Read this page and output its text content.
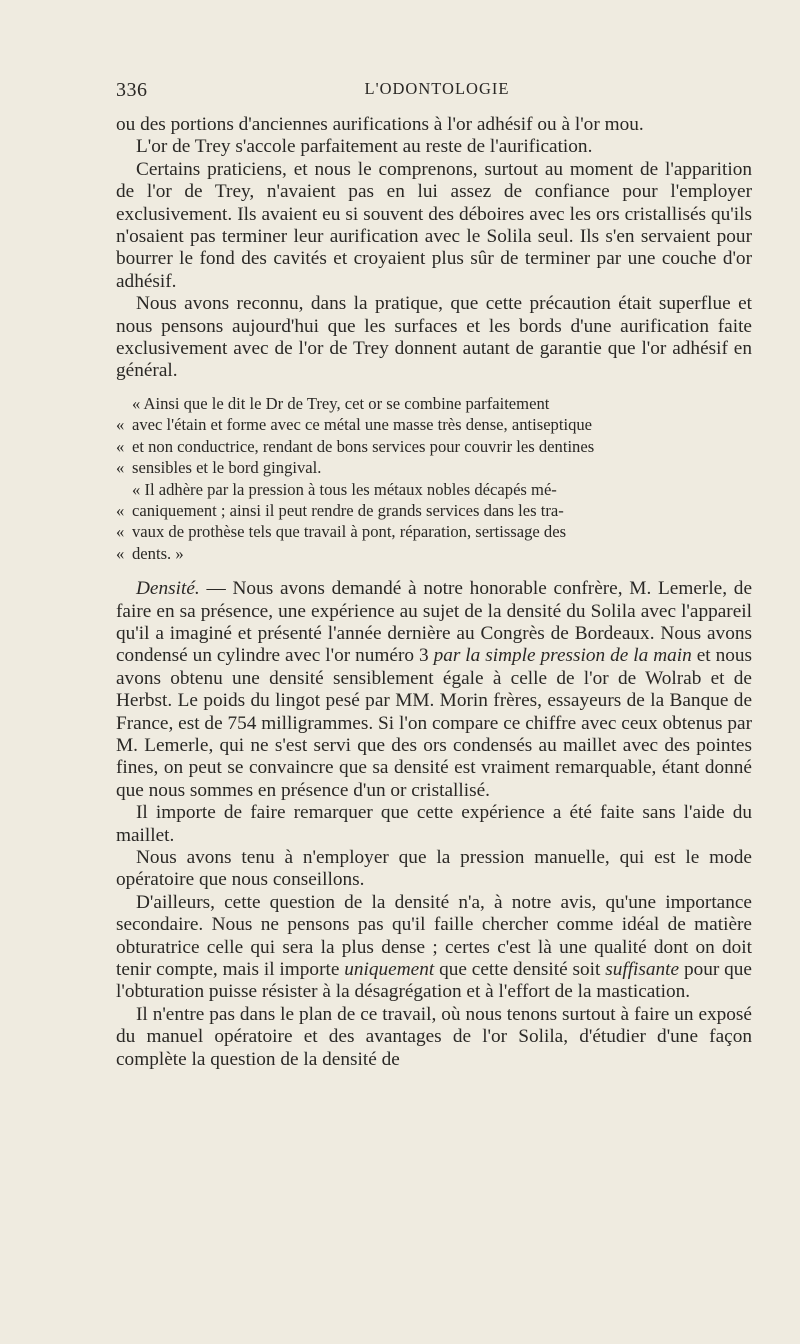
336	L'ODONTOLOGIE

ou des portions d'anciennes aurifications à l'or adhésif ou à l'or mou.

L'or de Trey s'accole parfaitement au reste de l'aurification.

Certains praticiens, et nous le comprenons, surtout au moment de l'apparition de l'or de Trey, n'avaient pas en lui assez de confiance pour l'employer exclusivement. Ils avaient eu si souvent des déboires avec les ors cristallisés qu'ils n'osaient pas terminer leur aurification avec le Solila seul. Ils s'en servaient pour bourrer le fond des cavités et croyaient plus sûr de terminer par une couche d'or adhésif.

Nous avons reconnu, dans la pratique, que cette précaution était superflue et nous pensons aujourd'hui que les surfaces et les bords d'une aurification faite exclusivement avec de l'or de Trey donnent autant de garantie que l'or adhésif en général.

« Ainsi que le dit le Dr de Trey, cet or se combine parfaitement

« avec l'étain et forme avec ce métal une masse très dense, antiseptique

« et non conductrice, rendant de bons services pour couvrir les dentines

« sensibles et le bord gingival.

« Il adhère par la pression à tous les métaux nobles décapés mé-

« caniquement ; ainsi il peut rendre de grands services dans les tra-

« vaux de prothèse tels que travail à pont, réparation, sertissage des

« dents. »

Densité. — Nous avons demandé à notre honorable confrère, M. Lemerle, de faire en sa présence, une expérience au sujet de la densité du Solila avec l'appareil qu'il a imaginé et présenté l'année dernière au Congrès de Bordeaux. Nous avons condensé un cylindre avec l'or numéro 3 par la simple pression de la main et nous avons obtenu une densité sensiblement égale à celle de l'or de Wolrab et de Herbst. Le poids du lingot pesé par MM. Morin frères, essayeurs de la Banque de France, est de 754 milligrammes. Si l'on compare ce chiffre avec ceux obtenus par M. Lemerle, qui ne s'est servi que des ors condensés au maillet avec des pointes fines, on peut se convaincre que sa densité est vraiment remarquable, étant donné que nous sommes en présence d'un or cristallisé.

Il importe de faire remarquer que cette expérience a été faite sans l'aide du maillet.

Nous avons tenu à n'employer que la pression manuelle, qui est le mode opératoire que nous conseillons.

D'ailleurs, cette question de la densité n'a, à notre avis, qu'une importance secondaire. Nous ne pensons pas qu'il faille chercher comme idéal de matière obturatrice celle qui sera la plus dense ; certes c'est là une qualité dont on doit tenir compte, mais il importe uniquement que cette densité soit suffisante pour que l'obturation puisse résister à la désagrégation et à l'effort de la mastication.

Il n'entre pas dans le plan de ce travail, où nous tenons surtout à faire un exposé du manuel opératoire et des avantages de l'or Solila, d'étudier d'une façon complète la question de la densité de
